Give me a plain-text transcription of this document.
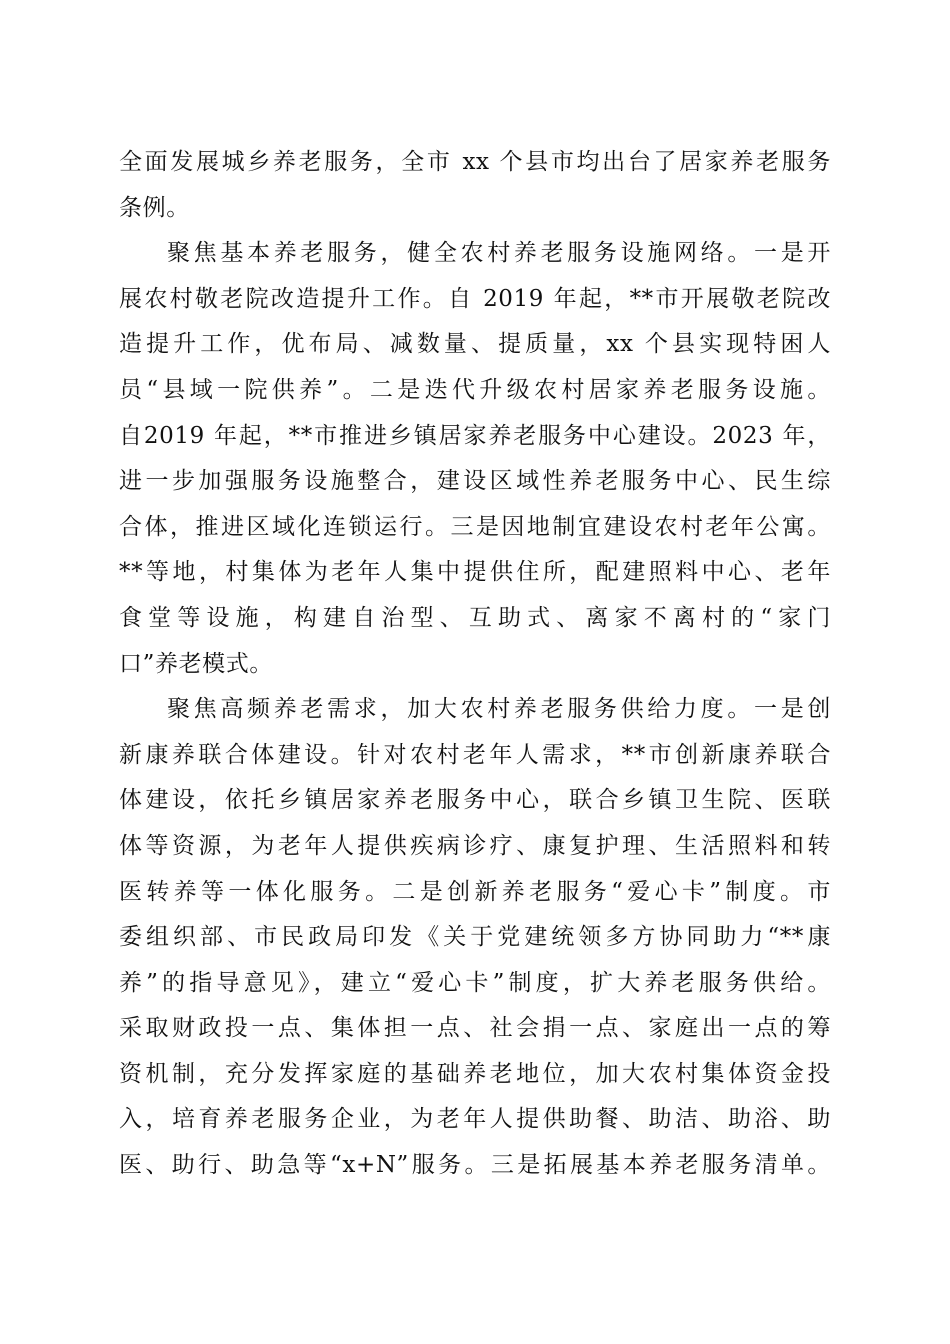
全面发展城乡养老服务，全市 xx 个县市均出台了居家养老服务
条例。
聚焦基本养老服务，健全农村养老服务设施网络。一是开
展农村敬老院改造提升工作。自 2019 年起，**市开展敬老院改
造提升工作，优布局、减数量、提质量，xx 个县实现特困人
员“县域一院供养”。二是迭代升级农村居家养老服务设施。
自2019 年起，**市推进乡镇居家养老服务中心建设。2023 年，
进一步加强服务设施整合，建设区域性养老服务中心、民生综
合体，推进区域化连锁运行。三是因地制宜建设农村老年公寓。
**等地，村集体为老年人集中提供住所，配建照料中心、老年
食堂等设施，构建自治型、互助式、离家不离村的“家门
口”养老模式。
聚焦高频养老需求，加大农村养老服务供给力度。一是创
新康养联合体建设。针对农村老年人需求，**市创新康养联合
体建设，依托乡镇居家养老服务中心，联合乡镇卫生院、医联
体等资源，为老年人提供疾病诊疗、康复护理、生活照料和转
医转养等一体化服务。二是创新养老服务“爱心卡”制度。市
委组织部、市民政局印发《关于党建统领多方协同助力“**康
养”的指导意见》，建立“爱心卡”制度，扩大养老服务供给。
采取财政投一点、集体担一点、社会捐一点、家庭出一点的筹
资机制，充分发挥家庭的基础养老地位，加大农村集体资金投
入，培育养老服务企业，为老年人提供助餐、助洁、助浴、助
医、助行、助急等“x+N”服务。三是拓展基本养老服务清单。
